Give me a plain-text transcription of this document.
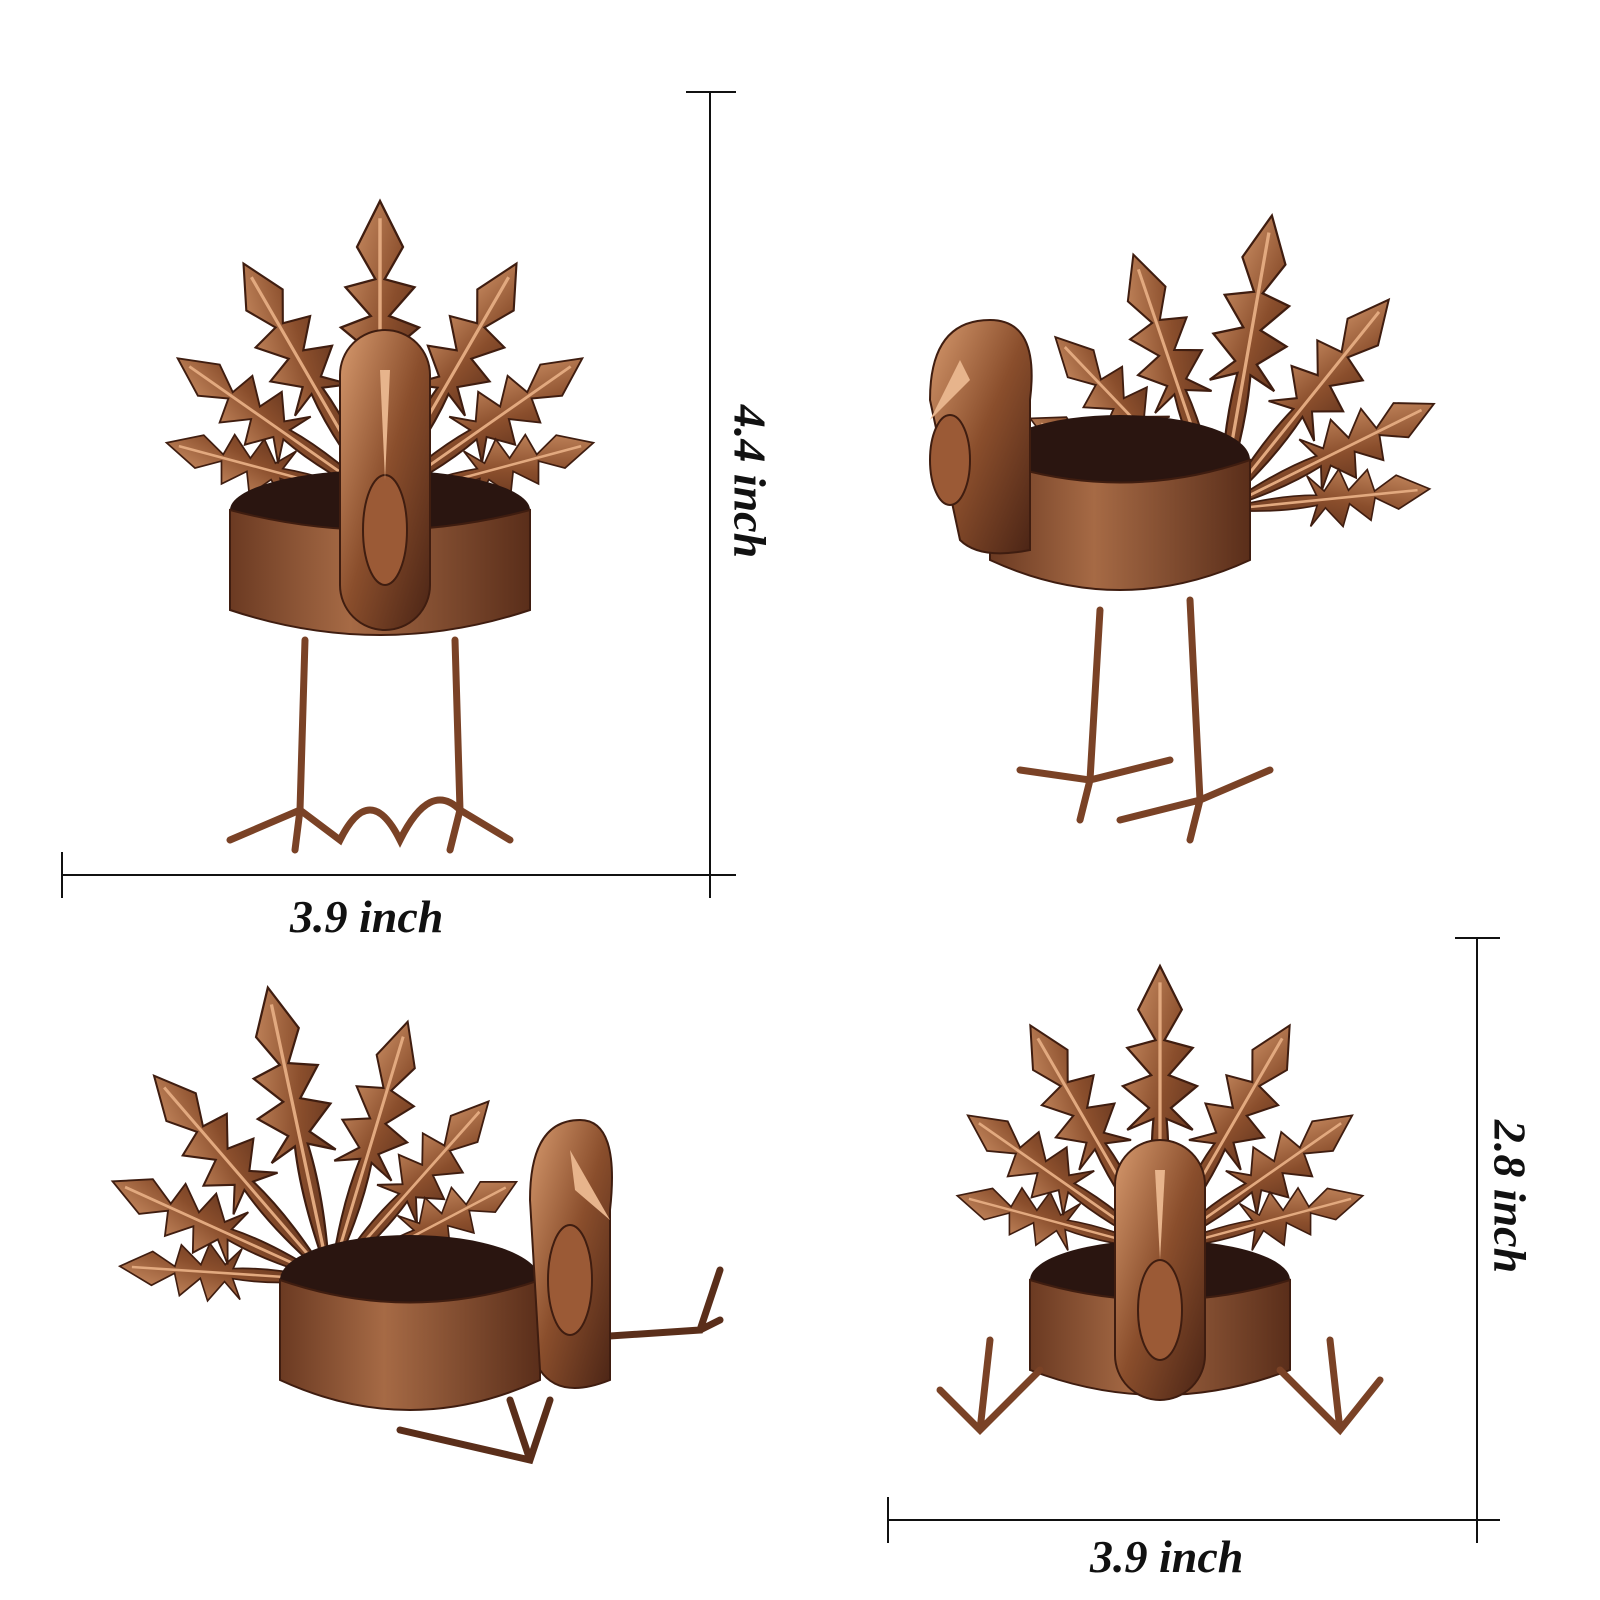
4.4 inch
3.9 inch
2.8 inch
3.9 inch
